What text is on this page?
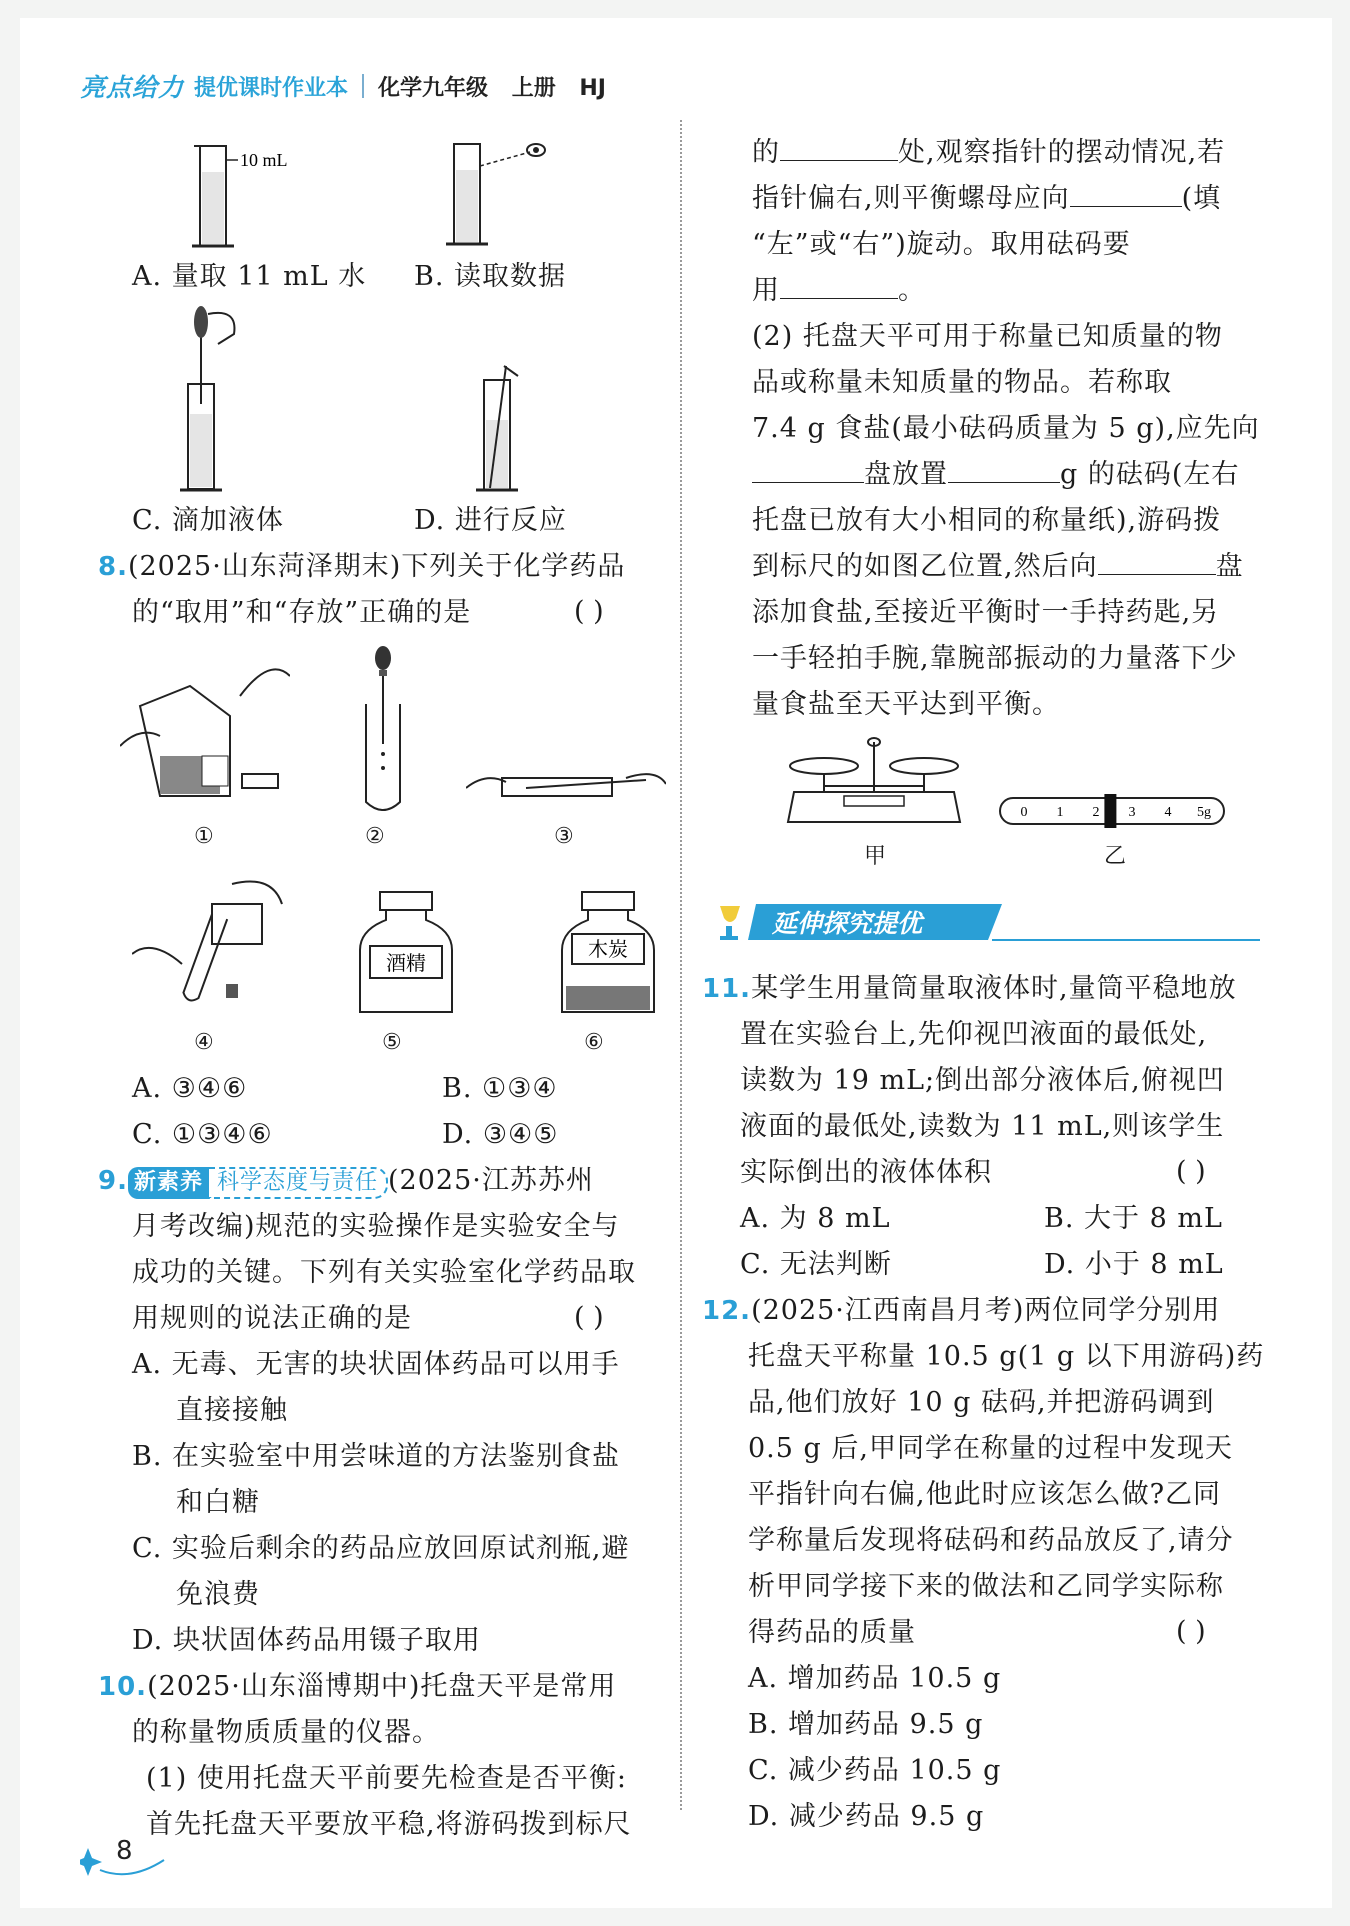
亮点给力 提优课时作业本 化学九年级 上册 HJ
10 mL
A. 量取 11 mL 水 B. 读取数据
C. 滴加液体	D. 进行反应
8.(2025·山东菏泽期末)下列关于化学药品
的“取用”和“存放”正确的是	( )
①	②	③
酒精
木炭
④	⑤	⑥
A. ③④⑥	B. ①③④
C. ①③④⑥	D. ③④⑤
9. 新素养 科学态度与责任 (2025·江苏苏州
月考改编)规范的实验操作是实验安全与
成功的关键。下列有关实验室化学药品取
用规则的说法正确的是	( )
A. 无毒、无害的块状固体药品可以用手
直接接触
B. 在实验室中用尝味道的方法鉴别食盐
和白糖
C. 实验后剩余的药品应放回原试剂瓶,避
免浪费
D. 块状固体药品用镊子取用
10.(2025·山东淄博期中)托盘天平是常用
的称量物质质量的仪器。
(1) 使用托盘天平前要先检查是否平衡:
首先托盘天平要放平稳,将游码拨到标尺
的	处,观察指针的摆动情况,若
指针偏右,则平衡螺母应向	(填
“左”或“右”)旋动。取用砝码要
用	。
(2) 托盘天平可用于称量已知质量的物
品或称量未知质量的物品。若称取
7.4 g 食盐(最小砝码质量为 5 g),应先向
盘放置	g 的砝码(左右
托盘已放有大小相同的称量纸),游码拨
到标尺的如图乙位置,然后向	盘
添加食盐,至接近平衡时一手持药匙,另
一手轻拍手腕,靠腕部振动的力量落下少
量食盐至天平达到平衡。
甲
0 1 2 3 4 5g
乙
延伸探究提优
11.某学生用量筒量取液体时,量筒平稳地放
置在实验台上,先仰视凹液面的最低处,
读数为 19 mL;倒出部分液体后,俯视凹
液面的最低处,读数为 11 mL,则该学生
实际倒出的液体体积	( )
A. 为 8 mL	B. 大于 8 mL
C. 无法判断	D. 小于 8 mL
12.(2025·江西南昌月考)两位同学分别用
托盘天平称量 10.5 g(1 g 以下用游码)药
品,他们放好 10 g 砝码,并把游码调到
0.5 g 后,甲同学在称量的过程中发现天
平指针向右偏,他此时应该怎么做?乙同
学称量后发现将砝码和药品放反了,请分
析甲同学接下来的做法和乙同学实际称
得药品的质量	( )
A. 增加药品 10.5 g
B. 增加药品 9.5 g
C. 减少药品 10.5 g
D. 减少药品 9.5 g
8
